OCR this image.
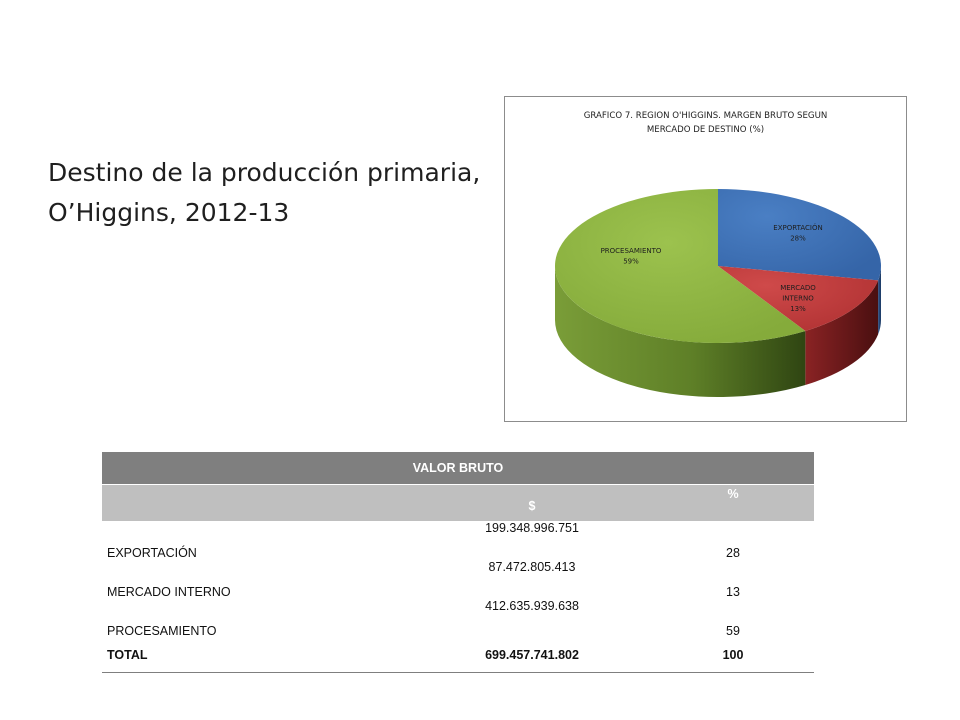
Destino de la producción primaria,
O’Higgins, 2012-13
GRAFICO 7. REGION O'HIGGINS. MARGEN BRUTO SEGUN
MERCADO DE DESTINO (%)
EXPORTACIÓN 28%
MERCADO INTERNO 13%
PROCESAMIENTO 59%
VALOR BRUTO		
	$	%
EXPORTACIÓN	199.348.996.751	28
MERCADO INTERNO	87.472.805.413	13
PROCESAMIENTO	412.635.939.638	59
TOTAL	699.457.741.802	100
